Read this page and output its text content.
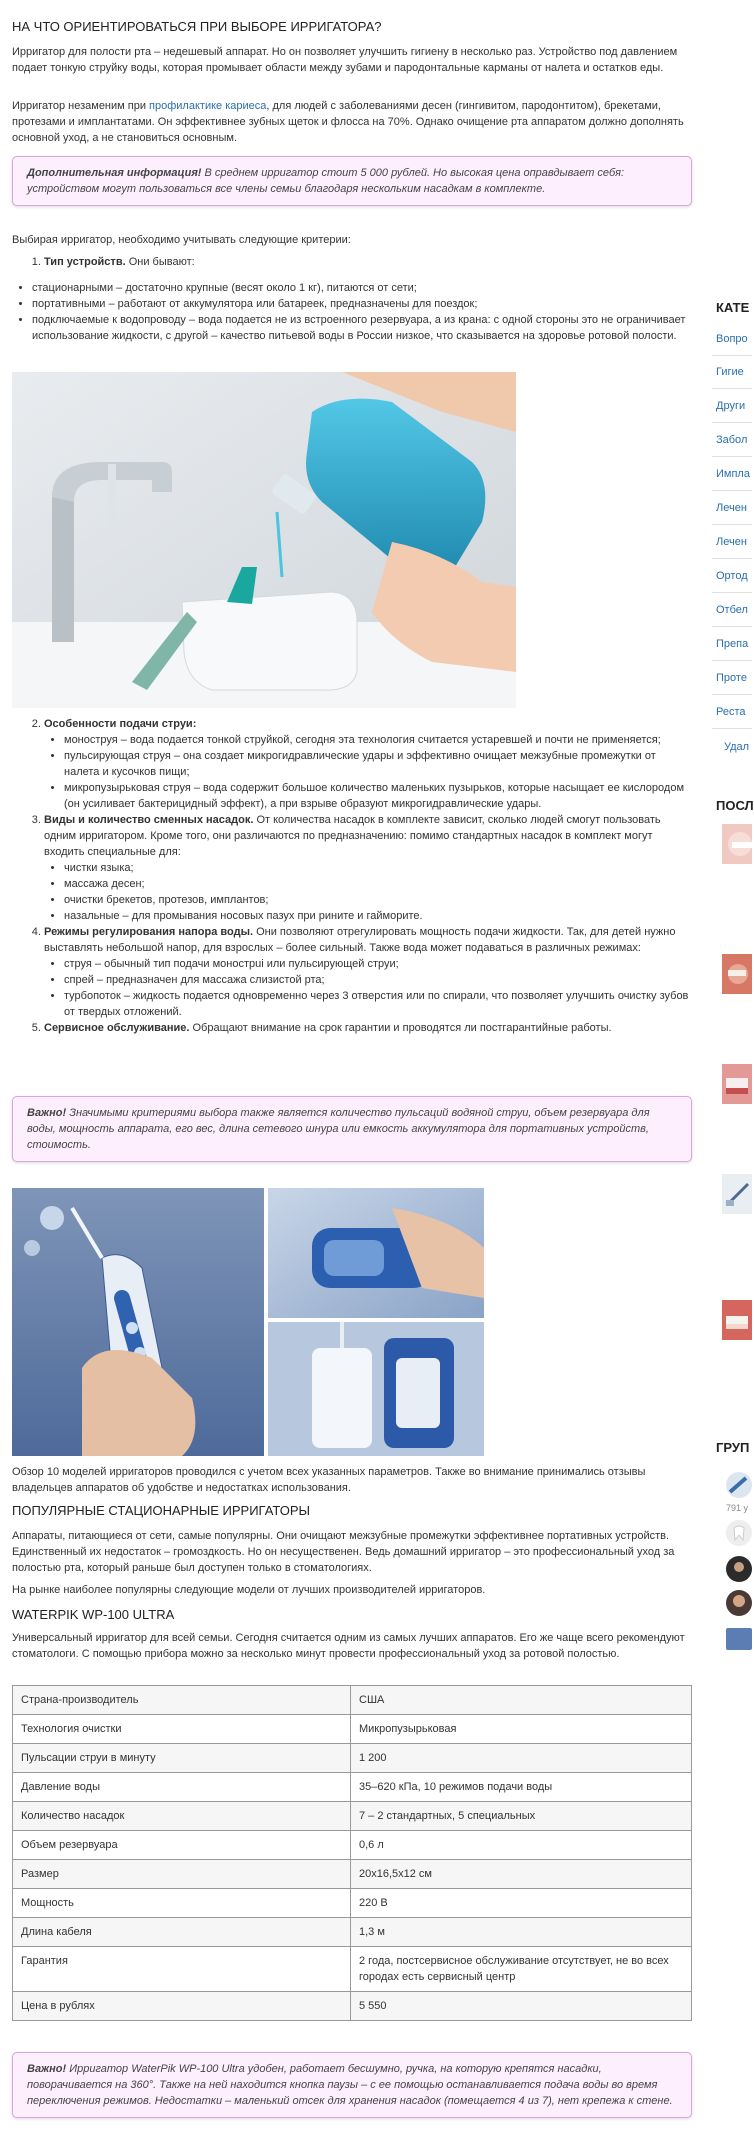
НА ЧТО ОРИЕНТИРОВАТЬСЯ ПРИ ВЫБОРЕ ИРРИГАТОРА?

Ирригатор для полости рта – недешевый аппарат. Но он позволяет улучшить гигиену в несколько раз. Устройство под давлением подает тонкую струйку воды, которая промывает области между зубами и пародонтальные карманы от налета и остатков еды.

Ирригатор незаменим при профилактике кариеса, для людей с заболеваниями десен (гингивитом, пародонтитом), брекетами, протезами и имплантатами. Он эффективнее зубных щеток и флосса на 70%. Однако очищение рта аппаратом должно дополнять основной уход, а не становиться основным.

Дополнительная информация! В среднем ирригатор стоит 5 000 рублей. Но высокая цена оправдывает себя: устройством могут пользоваться все члены семьи благодаря нескольким насадкам в комплекте.

Выбирая ирригатор, необходимо учитывать следующие критерии:

1. Тип устройств. Они бывают:
• стационарными – достаточно крупные (весят около 1 кг), питаются от сети;
• портативными – работают от аккумулятора или батареек, предназначены для поездок;
• подключаемые к водопроводу – вода подается не из встроенного резервуара, а из крана: с одной стороны это не ограничивает использование жидкости, с другой – качество питьевой воды в России низкое, что сказывается на здоровье ротовой полости.
2. Особенности подачи струи:
• моноструя – вода подается тонкой струйкой, сегодня эта технология считается устаревшей и почти не применяется;
• пульсирующая струя – она создает микрогидравлические удары и эффективно очищает межзубные промежутки от налета и кусочков пищи;
• микропузырьковая струя – вода содержит большое количество маленьких пузырьков, которые насыщает ее кислородом (он усиливает бактерицидный эффект), а при взрыве образуют микрогидравлические удары.
3. Виды и количество сменных насадок. От количества насадок в комплекте зависит, сколько людей смогут пользовать одним ирригатором. Кроме того, они различаются по предназначению: помимо стандартных насадок в комплект могут входить специальные для:
• чистки языка;
• массажа десен;
• очистки брекетов, протезов, имплантов;
• назальные – для промывания носовых пазух при рините и гайморите.
4. Режимы регулирования напора воды. Они позволяют отрегулировать мощность подачи жидкости. Так, для детей нужно выставлять небольшой напор, для взрослых – более сильный. Также вода может подаваться в различных режимах:
• струя – обычный тип подачи монострui или пульсирующей струи;
• спрей – предназначен для массажа слизистой рта;
• турбопоток – жидкость подается одновременно через 3 отверстия или по спирали, что позволяет улучшить очистку зубов от твердых отложений.
5. Сервисное обслуживание. Обращают внимание на срок гарантии и проводятся ли постгарантийные работы.
Важно! Значимыми критериями выбора также является количество пульсаций водяной струи, объем резервуара для воды, мощность аппарата, его вес, длина сетевого шнура или емкость аккумулятора для портативных устройств, стоимость.

Обзор 10 моделей ирригаторов проводился с учетом всех указанных параметров. Также во внимание принимались отзывы владельцев аппаратов об удобстве и недостатках использования.

ПОПУЛЯРНЫЕ СТАЦИОНАРНЫЕ ИРРИГАТОРЫ

Аппараты, питающиеся от сети, самые популярны. Они очищают межзубные промежутки эффективнее портативных устройств. Единственный их недостаток – громоздкость. Но он несущественен. Ведь домашний ирригатор – это профессиональный уход за полостью рта, который раньше был доступен только в стоматологиях.

На рынке наиболее популярны следующие модели от лучших производителей ирригаторов.

WATERPIK WP-100 ULTRA

Универсальный ирригатор для всей семьи. Сегодня считается одним из самых лучших аппаратов. Его же чаще всего рекомендуют стоматологи. С помощью прибора можно за несколько минут провести профессиональный уход за ротовой полостью.

Страна-производитель	США
Технология очистки	Микропузырьковая
Пульсации струи в минуту	1 200
Давление воды	35–620 кПа, 10 режимов подачи воды
Количество насадок	7 – 2 стандартных, 5 специальных
Объем резервуара	0,6 л
Размер	20x16,5x12 см
Мощность	220 В
Длина кабеля	1,3 м
Гарантия	2 года, постсервисное обслуживание отсутствует, не во всех городах есть сервисный центр
Цена в рублях	5 550
Важно! Ирригатор WaterPik WP-100 Ultra удобен, работает бесшумно, ручка, на которую крепятся насадки, поворачивается на 360°. Также на ней находится кнопка паузы – с ее помощью останавливается подача воды во время переключения режимов. Недостатки – маленький отсек для хранения насадок (помещается 4 из 7), нет крепежа к стене.
КАТЕ
Вопро
Гигие
Други
Забол
Импла
Лечен
Лечен
Ортод
Отбел
Препа
Проте
Реста
Удал
ПОСЛ
ГРУП
791 у
